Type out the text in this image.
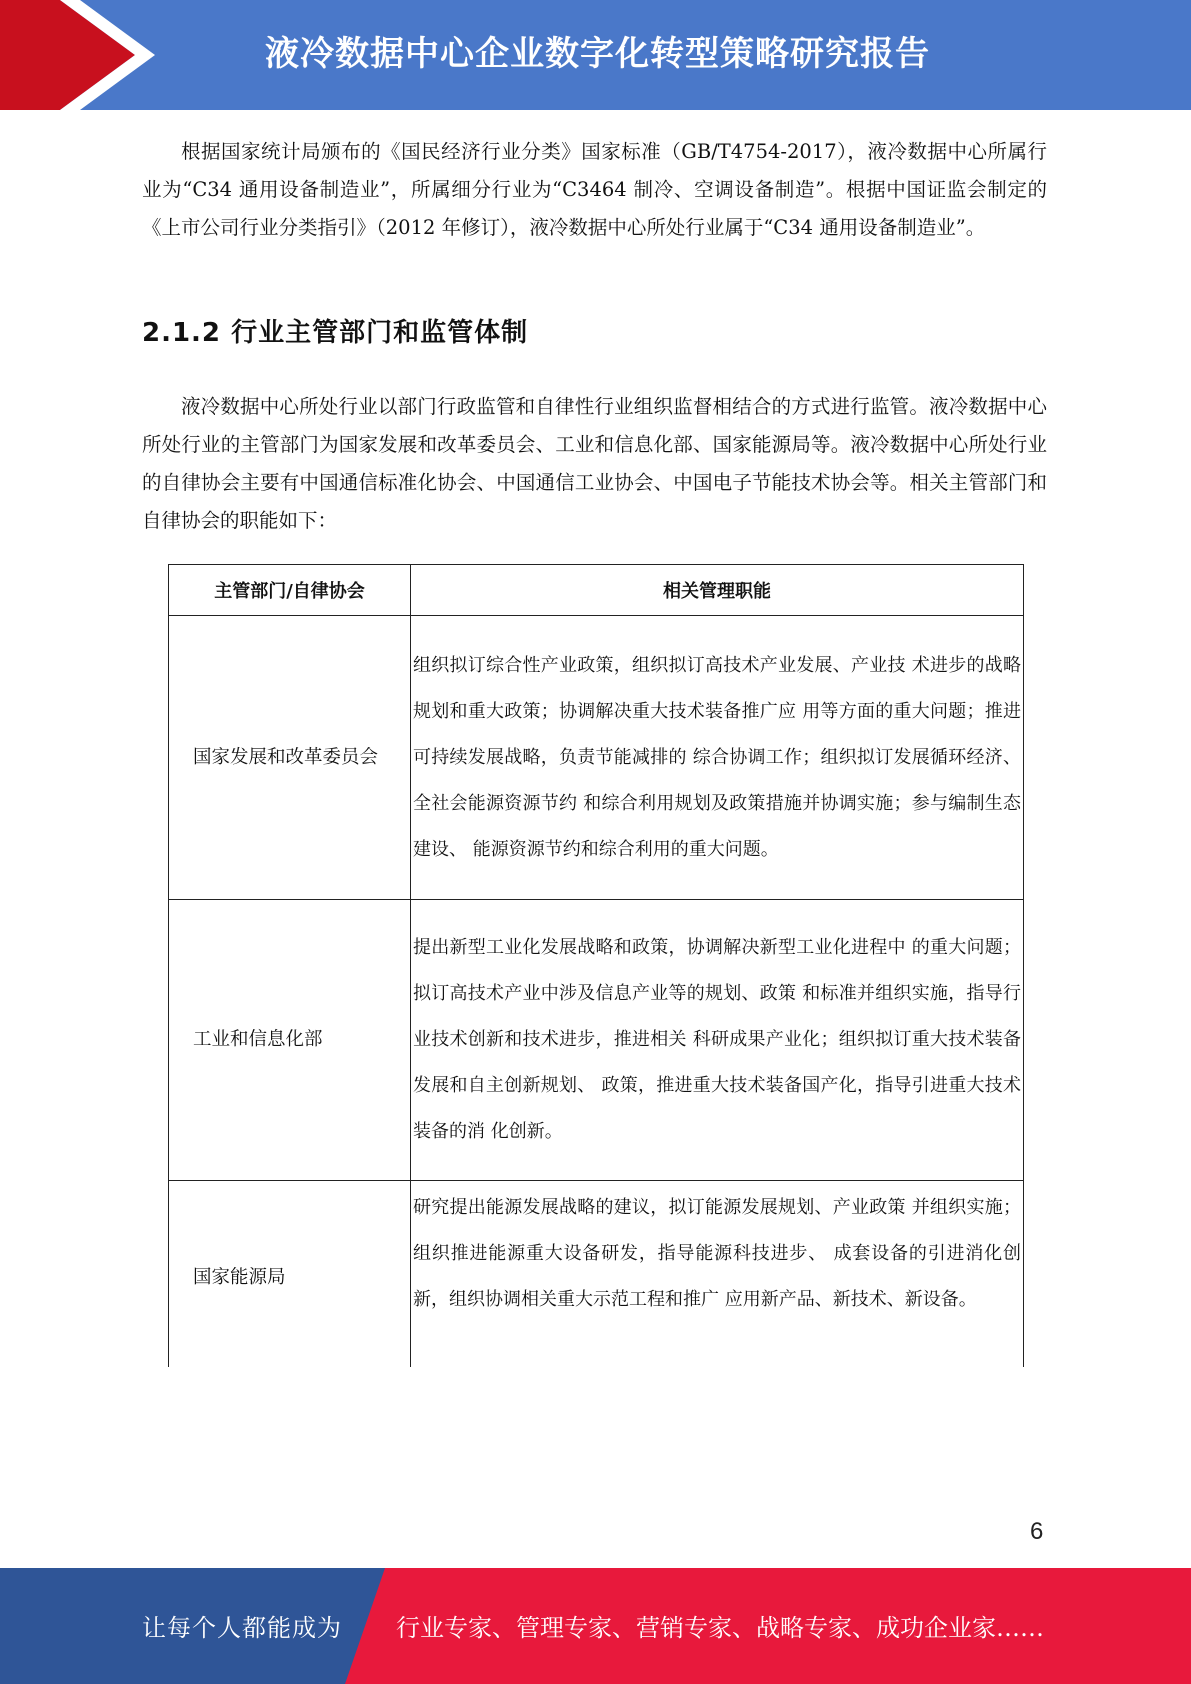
液冷数据中心企业数字化转型策略研究报告

根据国家统计局颁布的《国民经济行业分类》国家标准（GB/T4754-2017），液冷数据中心所属行业为“C34 通用设备制造业”，所属细分行业为“C3464 制冷、空调设备制造”。根据中国证监会制定的《上市公司行业分类指引》（2012 年修订），液冷数据中心所处行业属于“C34 通用设备制造业”。

2.1.2 行业主管部门和监管体制

液冷数据中心所处行业以部门行政监管和自律性行业组织监督相结合的方式进行监管。液冷数据中心所处行业的主管部门为国家发展和改革委员会、工业和信息化部、国家能源局等。液冷数据中心所处行业的自律协会主要有中国通信标准化协会、中国通信工业协会、中国电子节能技术协会等。相关主管部门和自律协会的职能如下：

主管部门/自律协会	相关管理职能
国家发展和改革委员会	组织拟订综合性产业政策，组织拟订高技术产业发展、产业技 术进步的战略规划和重大政策；协调解决重大技术装备推广应 用等方面的重大问题；推进可持续发展战略，负责节能减排的 综合协调工作；组织拟订发展循环经济、全社会能源资源节约 和综合利用规划及政策措施并协调实施；参与编制生态建设、 能源资源节约和综合利用的重大问题。
工业和信息化部	提出新型工业化发展战略和政策，协调解决新型工业化进程中 的重大问题；拟订高技术产业中涉及信息产业等的规划、政策 和标准并组织实施，指导行业技术创新和技术进步，推进相关 科研成果产业化；组织拟订重大技术装备发展和自主创新规划、 政策，推进重大技术装备国产化，指导引进重大技术装备的消 化创新。
国家能源局	研究提出能源发展战略的建议，拟订能源发展规划、产业政策 并组织实施；组织推进能源重大设备研发，指导能源科技进步、 成套设备的引进消化创新，组织协调相关重大示范工程和推广 应用新产品、新技术、新设备。
6
让每个人都能成为 行业专家、管理专家、营销专家、战略专家、成功企业家……
